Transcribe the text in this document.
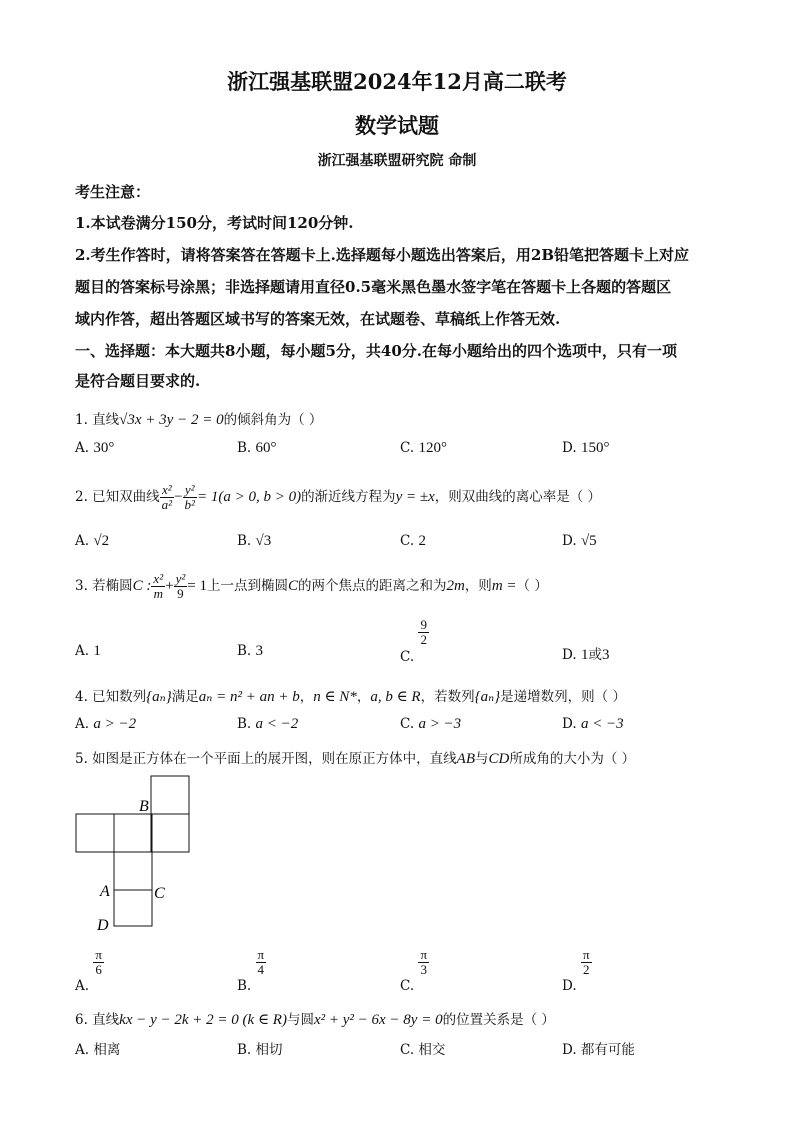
浙江强基联盟2024年12月高二联考
数学试题
浙江强基联盟研究院 命制
考生注意：
1.本试卷满分150分，考试时间120分钟.
2.考生作答时，请将答案答在答题卡上.选择题每小题选出答案后，用2B铅笔把答题卡上对应
题目的答案标号涂黑；非选择题请用直径0.5毫米黑色墨水签字笔在答题卡上各题的答题区
域内作答，超出答题区域书写的答案无效，在试题卷、草稿纸上作答无效.
一、选择题：本大题共8小题，每小题5分，共40分.在每小题给出的四个选项中，只有一项
是符合题目要求的.
1. 直线√3x + 3y − 2 = 0的倾斜角为（ ）
A. 30°	B. 60°	C. 120°	D. 150°
2. 已知双曲线 $\frac{\text{x²}}{\text{a²}} - \frac{\text{y²}}{\text{b²}} = 1(a > 0$, b > 0)的渐近线方程为y = ±x，则双曲线的离心率是（ ）
A. √2	B. √3	C. 2	D. √5
3. 若椭圆C : $\frac{\text{x²}}{m} + \frac{\text{y²}}{9} = 1$上一点到椭圆C的两个焦点的距离之和为2m，则m =（ ）
A. 1	B. 3	C.
$\frac{9}{2}$
D. 1或3
4. 已知数列{aₙ}满足aₙ = n² + an + b，n ∈ N*，a, b ∈ R，若数列{aₙ}是递增数列，则（ ）
A. a > −2	B. a < −2	C. a > −3	D. a < −3
5. 如图是正方体在一个平面上的展开图，则在原正方体中，直线AB与CD所成角的大小为（ ）
B
A	C
D
A.
$\frac{\pi}{6}$
B.
$\frac{\pi}{4}$
C.
$\frac{\pi}{3}$
D.
$\frac{\pi}{2}$
6. 直线kx − y − 2k + 2 = 0 (k ∈ R)与圆x² + y² − 6x − 8y = 0的位置关系是（ ）
A. 相离	B. 相切	C. 相交	D. 都有可能
